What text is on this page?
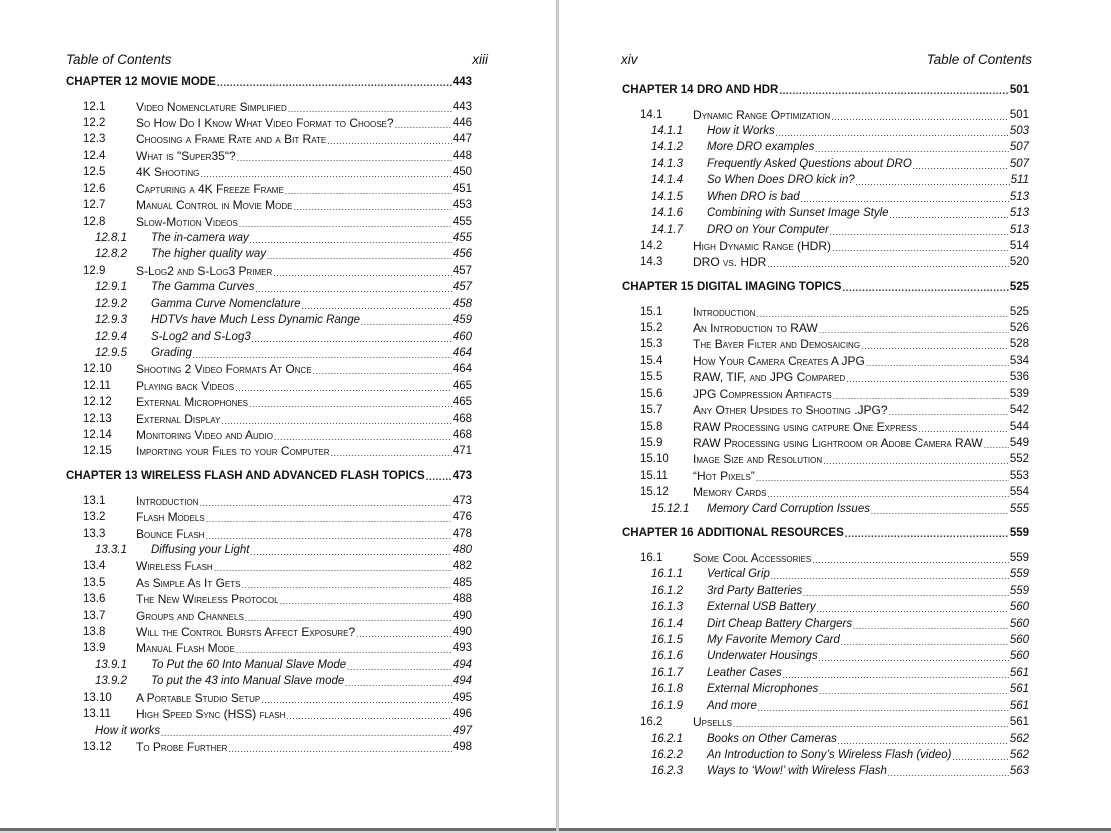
Table of Contents	xiii
CHAPTER 12 MOVIE MODE .....	443
12.1	Video Nomenclature Simplified .....	443
12.2	So How Do I Know What Video Format to Choose? .....	446
12.3	Choosing a Frame Rate and a Bit Rate .....	447
12.4	What is "Super35"? .....	448
12.5	4K Shooting .....	450
12.6	Capturing a 4K Freeze Frame .....	451
12.7	Manual Control in Movie Mode .....	453
12.8	Slow-Motion Videos .....	455
12.8.1	The in-camera way .....	455
12.8.2	The higher quality way .....	456
12.9	S-Log2 and S-Log3 Primer .....	457
12.9.1	The Gamma Curves .....	457
12.9.2	Gamma Curve Nomenclature .....	458
12.9.3	HDTVs have Much Less Dynamic Range .....	459
12.9.4	S-Log2 and S-Log3 .....	460
12.9.5	Grading .....	464
12.10	Shooting 2 Video Formats At Once .....	464
12.11	Playing back Videos .....	465
12.12	External Microphones .....	465
12.13	External Display .....	468
12.14	Monitoring Video and Audio .....	468
12.15	Importing your Files to your Computer .....	471
CHAPTER 13 WIRELESS FLASH AND ADVANCED FLASH TOPICS ..... 473
13.1	Introduction .....	473
13.2	Flash Models .....	476
13.3	Bounce Flash .....	478
13.3.1	Diffusing your Light .....	480
13.4	Wireless Flash .....	482
13.5	As Simple As It Gets .....	485
13.6	The New Wireless Protocol .....	488
13.7	Groups and Channels .....	490
13.8	Will the Control Bursts Affect Exposure? .....	490
13.9	Manual Flash Mode .....	493
13.9.1	To Put the 60 Into Manual Slave Mode .....	494
13.9.2	To put the 43 into Manual Slave mode .....	494
13.10	A Portable Studio Setup .....	495
13.11	High Speed Sync (HSS) flash .....	496
How it works .....	497
13.12	To Probe Further .....	498
xiv	Table of Contents
CHAPTER 14 DRO AND HDR .....	501
14.1	Dynamic Range Optimization .....	501
14.1.1	How it Works .....	503
14.1.2	More DRO examples .....	507
14.1.3	Frequently Asked Questions about DRO .....	507
14.1.4	So When Does DRO kick in? .....	511
14.1.5	When DRO is bad .....	513
14.1.6	Combining with Sunset Image Style .....	513
14.1.7	DRO on Your Computer .....	513
14.2	High Dynamic Range (HDR) .....	514
14.3	DRO vs. HDR .....	520
CHAPTER 15 DIGITAL IMAGING TOPICS .....	525
15.1	Introduction .....	525
15.2	An Introduction to RAW .....	526
15.3	The Bayer Filter and Demosaicing .....	528
15.4	How Your Camera Creates A JPG .....	534
15.5	RAW, TIF, and JPG Compared .....	536
15.6	JPG Compression Artifacts .....	539
15.7	Any Other Upsides to Shooting .JPG? .....	542
15.8	RAW Processing using catpure One Express .....	544
15.9	RAW Processing using Lightroom or Adobe Camera RAW ..... 549
15.10	Image Size and Resolution .....	552
15.11	“Hot Pixels” .....	553
15.12	Memory Cards .....	554
15.12.1	Memory Card Corruption Issues .....	555
CHAPTER 16 ADDITIONAL RESOURCES .....	559
16.1	Some Cool Accessories .....	559
16.1.1	Vertical Grip .....	559
16.1.2	3rd Party Batteries .....	559
16.1.3	External USB Battery .....	560
16.1.4	Dirt Cheap Battery Chargers .....	560
16.1.5	My Favorite Memory Card .....	560
16.1.6	Underwater Housings .....	560
16.1.7	Leather Cases .....	561
16.1.8	External Microphones .....	561
16.1.9	And more .....	561
16.2	Upsells .....	561
16.2.1	Books on Other Cameras .....	562
16.2.2	An Introduction to Sony’s Wireless Flash (video) .....	562
16.2.3	Ways to ‘Wow!’ with Wireless Flash .....	563
